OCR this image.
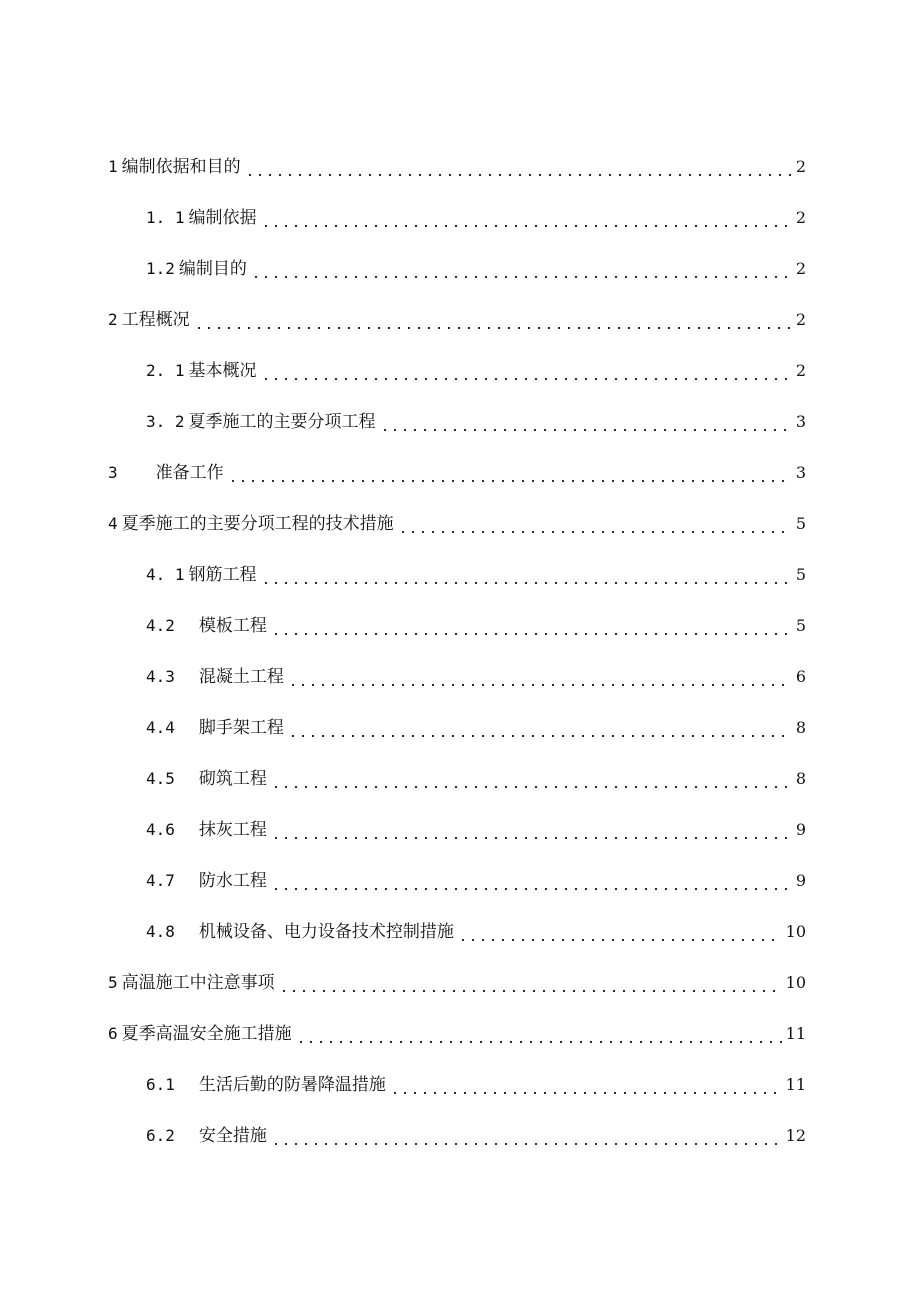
1 编制依据和目的	2
1. 1 编制依据	2
1.2 编制目的	2
2 工程概况	2
2. 1 基本概况	2
3. 2 夏季施工的主要分项工程	3
3 准备工作	3
4 夏季施工的主要分项工程的技术措施	5
4. 1 钢筋工程	5
4.2 模板工程	5
4.3 混凝土工程	6
4.4 脚手架工程	8
4.5 砌筑工程	8
4.6 抹灰工程	9
4.7 防水工程	9
4.8 机械设备、电力设备技术控制措施	10
5 高温施工中注意事项	10
6 夏季高温安全施工措施	11
6.1 生活后勤的防暑降温措施	11
6.2 安全措施	12
